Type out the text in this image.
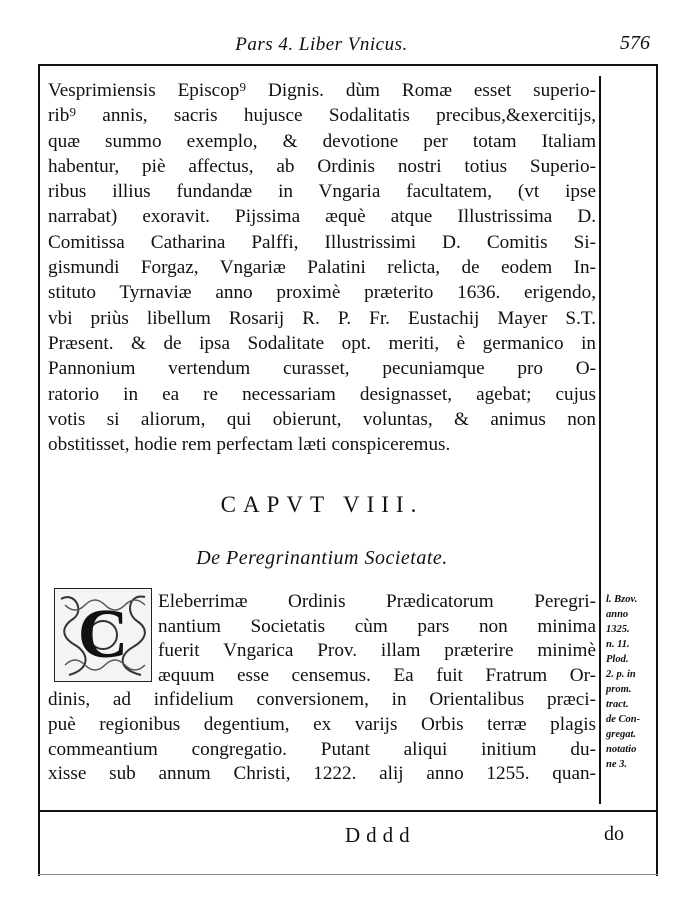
Pars 4. Liber Vnicus.	576
Vesprimiensis Episcop⁹ Dignis. dùm Romæ esset superio-
rib⁹ annis, sacris hujusce Sodalitatis precibus,&exercitijs,
quæ summo exemplo, & devotione per totam Italiam
habentur, piè affectus, ab Ordinis nostri totius Superio-
ribus illius fundandæ in Vngaria facultatem, (vt ipse
narrabat) exoravit. Pijssima æquè atque Illustrissima D.
Comitissa Catharina Palffi, Illustrissimi D. Comitis Si-
gismundi Forgaz, Vngariæ Palatini relicta, de eodem In-
stituto Tyrnaviæ anno proximè præterito 1636. erigendo,
vbi priùs libellum Rosarij R. P. Fr. Eustachij Mayer S.T.
Præsent. & de ipsa Sodalitate opt. meriti, è germanico in
Pannonium vertendum curasset, pecuniamque pro O-
ratorio in ea re necessariam designasset, agebat; cujus
votis si aliorum, qui obierunt, voluntas, & animus non
obstitisset, hodie rem perfectam læti conspiceremus.
CAPVT VIII.
De Peregrinantium Societate.
C	Eleberrimæ Ordinis Prædicatorum Peregri-
nantium Societatis cùm pars non minima
fuerit Vngarica Prov. illam præterire minimè
æquum esse censemus. Ea fuit Fratrum Or-
dinis, ad infidelium conversionem, in Orientalibus præci-
puè regionibus degentium, ex varijs Orbis terræ plagis
commeantium congregatio. Putant aliqui initium du-
xisse sub annum Christi, 1222. alij anno 1255. quan-
l. Bzov.
anno
1325.
n. 11.
Plod.
2. p. in
prom.
tract.
de Con-
gregat.
notatio
ne 3.
Dddd	do
